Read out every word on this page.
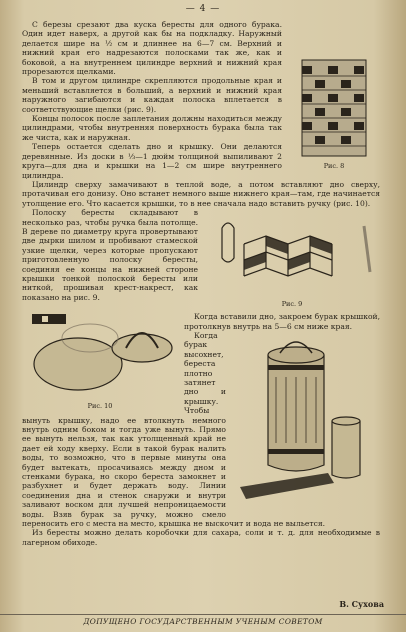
— 4 —
Рис. 8

С березы срезают два куска бересты для одного бурака. Один идет наверх, а другой как бы на подкладку. Наружный делается шире на ½ см и длиннее на 6—7 см. Верхний и нижний края его надрезаются полосками так же, как и боковой, а на внутреннем цилиндре верхний и нижний края прорезаются щелками.

В том и другом цилиндре скрепляются продольные края и меньший вставляется в больший, а верхний и нижний края наружного загибаются и каждая полоска вплетается в соответствующие щелки (рис. 9).

Концы полосок после заплетания должны находиться между цилиндрами, чтобы внутренняя поверхность бурака была так же чиста, как и наружная.

Теперь остается сделать дно и крышку. Они делаются деревянные. Из доски в ⅓—1 дюйм толщиной выпиливают 2 круга—для дна и крышки на 1—2 см шире внутреннего цилиндра.

Цилиндр сверху замачивают в теплой воде, а потом вставляют дно сверху, протачивая его донизу. Оно встанет немного выше нижнего края—там, где начинается утолщение его. Что касается крышки, то в нее сначала надо вставить ручку (рис. 10).

Рис. 9

Полоску бересты складывают в несколько раз, чтобы ручка была потолще. В дереве по диаметру круга провертывают две дырки шилом и пробивают стамеской узкие щелки, через которые пропускают приготовленную полоску бересты, соединяя ее концы на нижней стороне крышки тонкой полоской бересты или ниткой, прошивая крест-накрест, как показано на рис. 9.

Рис. 10

Когда вставили дно, закроем бурак крышкой, протолкнув внутрь на 5—6 см ниже края.

Когда бурак высохнет, береста плотно затянет дно и крышку. Чтобы вынуть крышку, надо ее втолкнуть немного внутрь одним боком и тогда уже вынуть. Прямо ее вынуть нельзя, так как утолщенный край не дает ей ходу кверху. Если в такой бурак налить воды, то возможно, что в первые минуты она будет вытекать, просачиваясь между дном и стенками бурака, но скоро береста замокнет и разбухнет и будет держать воду. Линии соединения дна и стенок снаружи и внутри заливают воском для лучшей непроницаемости воды. Взяв бурак за ручку, можно смело переносить его с места на место, крышка не выскочит и вода не выльется.

Из бересты можно делать коробочки для сахара, соли и т. д. для необходимые в лагерном обиходе.

В. Сухова
ДОПУЩЕНО ГОСУДАРСТВЕННЫМ УЧЕНЫМ СОВЕТОМ
